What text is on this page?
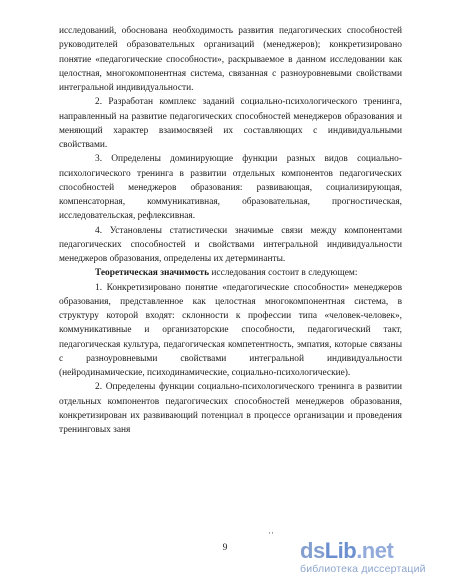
исследований, обоснована необходимость развития педагогических способностей руководителей образовательных организаций (менеджеров); конкретизировано понятие «педагогические способности», раскрываемое в данном исследовании как целостная, многокомпонентная система, связанная с разноуровневыми свойствами интегральной индивидуальности.

2. Разработан комплекс заданий социально-психологического тренинга, направленный на развитие педагогических способностей менеджеров образования и меняющий характер взаимосвязей их составляющих с индивидуальными свойствами.

3. Определены доминирующие функции разных видов социально-психологического тренинга в развитии отдельных компонентов педагогических способностей менеджеров образования: развивающая, социализирующая, компенсаторная, коммуникативная, образовательная, прогностическая, исследовательская, рефлексивная.

4. Установлены статистически значимые связи между компонентами педагогических способностей и свойствами интегральной индивидуальности менеджеров образования, определены их детерминанты.

Теоретическая значимость исследования состоит в следующем:

1. Конкретизировано понятие «педагогические способности» менеджеров образования, представленное как целостная многокомпонентная система, в структуру которой входят: склонности к профессии типа «человек-человек», коммуникативные и организаторские способности, педагогический такт, педагогическая культура, педагогическая компетентность, эмпатия, которые связаны с разноуровневыми свойствами интегральной индивидуальности (нейродинамические, психодинамические, социально-психологические).

2. Определены функции социально-психологического тренинга в развитии отдельных компонентов педагогических способностей менеджеров образования, конкретизирован их развивающий потенциал в процессе организации и проведения тренинговых заня

··
9	dsLib.net
библиотека диссертаций
